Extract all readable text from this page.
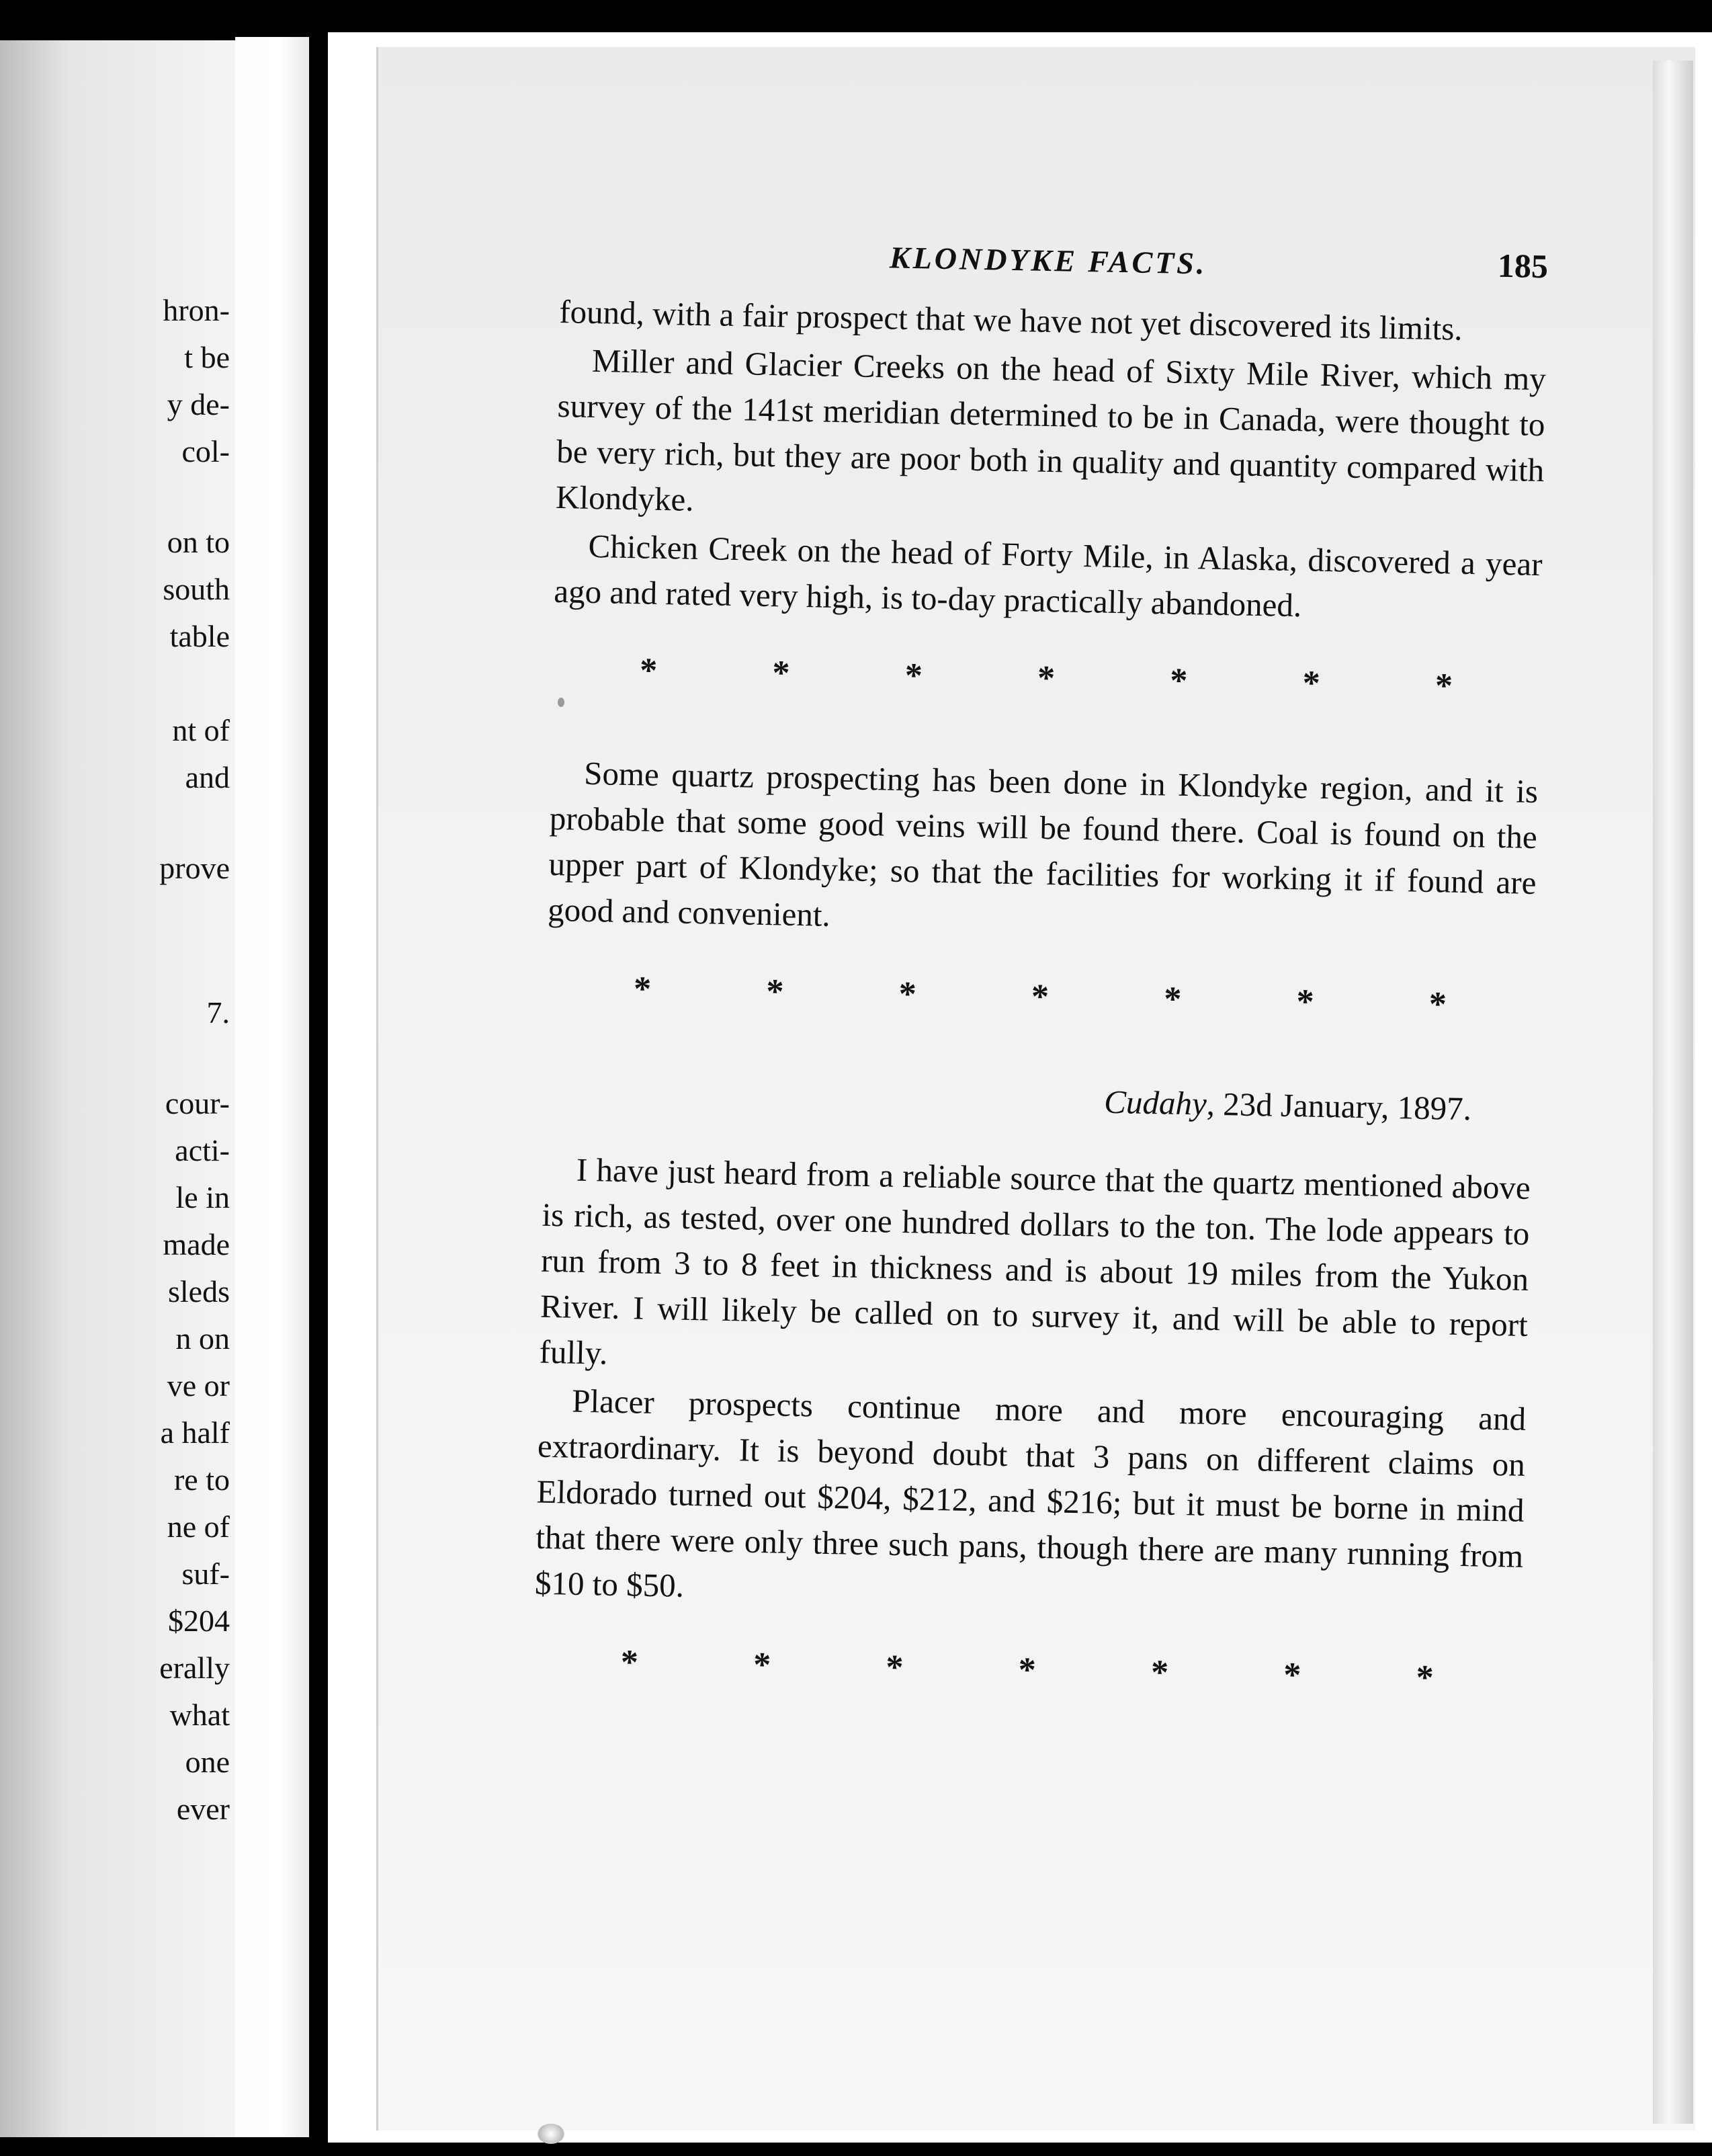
hron-
t be
y de-
col-
on to
south
table
nt of
and
prove
7.
cour-
acti-
le in
made
sleds
n on
ve or
a half
re to
ne of
suf-
$204
erally
what
one
ever
KLONDYKE FACTS.	185

found, with a fair prospect that we have not yet discovered its limits.

Miller and Glacier Creeks on the head of Sixty Mile River, which my survey of the 141st meridian determined to be in Canada, were thought to be very rich, but they are poor both in quality and quantity compared with Klondyke.

Chicken Creek on the head of Forty Mile, in Alaska, discovered a year ago and rated very high, is to-day practically abandoned.

*	*	*	*	*	*	*

Some quartz prospecting has been done in Klondyke region, and it is probable that some good veins will be found there. Coal is found on the upper part of Klondyke; so that the facilities for working it if found are good and convenient.

*	*	*	*	*	*	*
Cudahy, 23d January, 1897.

I have just heard from a reliable source that the quartz mentioned above is rich, as tested, over one hundred dollars to the ton. The lode appears to run from 3 to 8 feet in thickness and is about 19 miles from the Yukon River. I will likely be called on to survey it, and will be able to report fully.

Placer prospects continue more and more encouraging and extraordinary. It is beyond doubt that 3 pans on different claims on Eldorado turned out $204, $212, and $216; but it must be borne in mind that there were only three such pans, though there are many running from $10 to $50.

*	*	*	*	*	*	*
